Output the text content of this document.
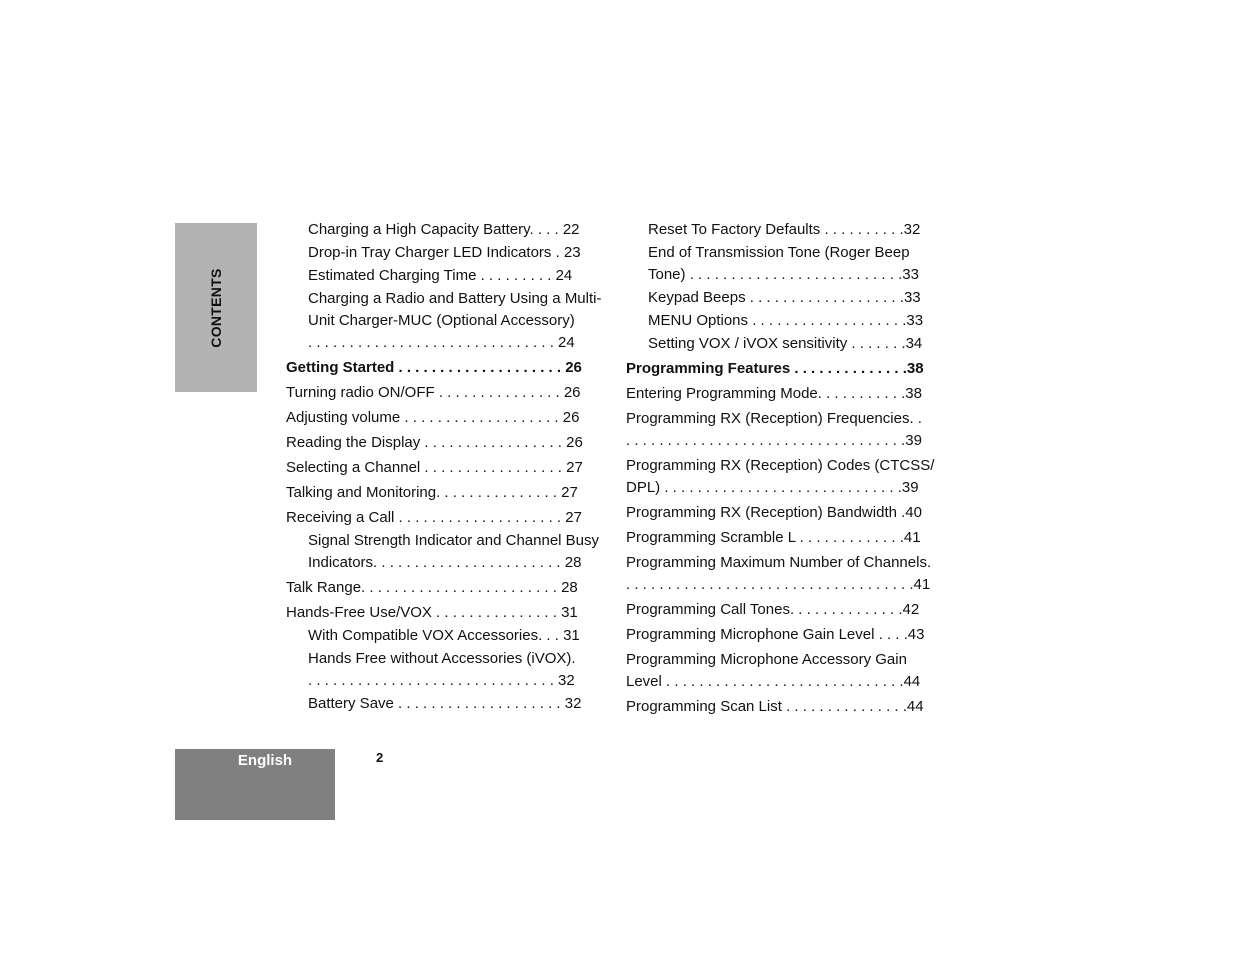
CONTENTS
Charging a High Capacity Battery. . . . 22
Drop-in Tray Charger LED Indicators . 23
Estimated Charging Time . . . . . . . . . 24
Charging a Radio and Battery Using a Multi-
Unit Charger-MUC (Optional Accessory)
. . . . . . . . . . . . . . . . . . . . . . . . . . . . . . 24
Getting Started . . . . . . . . . . . . . . . . . . . . 26
Turning radio ON/OFF . . . . . . . . . . . . . . . 26
Adjusting volume . . . . . . . . . . . . . . . . . . . 26
Reading the Display . . . . . . . . . . . . . . . . . 26
Selecting a Channel . . . . . . . . . . . . . . . . . 27
Talking and Monitoring. . . . . . . . . . . . . . . 27
Receiving a Call . . . . . . . . . . . . . . . . . . . . 27
Signal Strength Indicator and Channel Busy
Indicators. . . . . . . . . . . . . . . . . . . . . . . 28
Talk Range. . . . . . . . . . . . . . . . . . . . . . . . 28
Hands-Free Use/VOX . . . . . . . . . . . . . . . 31
With Compatible VOX Accessories. . . 31
Hands Free without Accessories (iVOX).
. . . . . . . . . . . . . . . . . . . . . . . . . . . . . . 32
Battery Save . . . . . . . . . . . . . . . . . . . . 32
Reset To Factory Defaults . . . . . . . . . .32
End of Transmission Tone (Roger Beep
Tone) . . . . . . . . . . . . . . . . . . . . . . . . . .33
Keypad Beeps . . . . . . . . . . . . . . . . . . .33
MENU Options . . . . . . . . . . . . . . . . . . .33
Setting VOX / iVOX sensitivity . . . . . . .34
Programming Features . . . . . . . . . . . . . .38
Entering Programming Mode. . . . . . . . . . .38
Programming RX (Reception) Frequencies. .
. . . . . . . . . . . . . . . . . . . . . . . . . . . . . . . . . .39
Programming RX (Reception) Codes (CTCSS/
DPL) . . . . . . . . . . . . . . . . . . . . . . . . . . . . .39
Programming RX (Reception) Bandwidth .40
Programming Scramble L . . . . . . . . . . . . .41
Programming Maximum Number of Channels.
. . . . . . . . . . . . . . . . . . . . . . . . . . . . . . . . . . .41
Programming Call Tones. . . . . . . . . . . . . .42
Programming Microphone Gain Level . . . .43
Programming Microphone Accessory Gain
Level . . . . . . . . . . . . . . . . . . . . . . . . . . . . .44
Programming Scan List . . . . . . . . . . . . . . .44
English	2
